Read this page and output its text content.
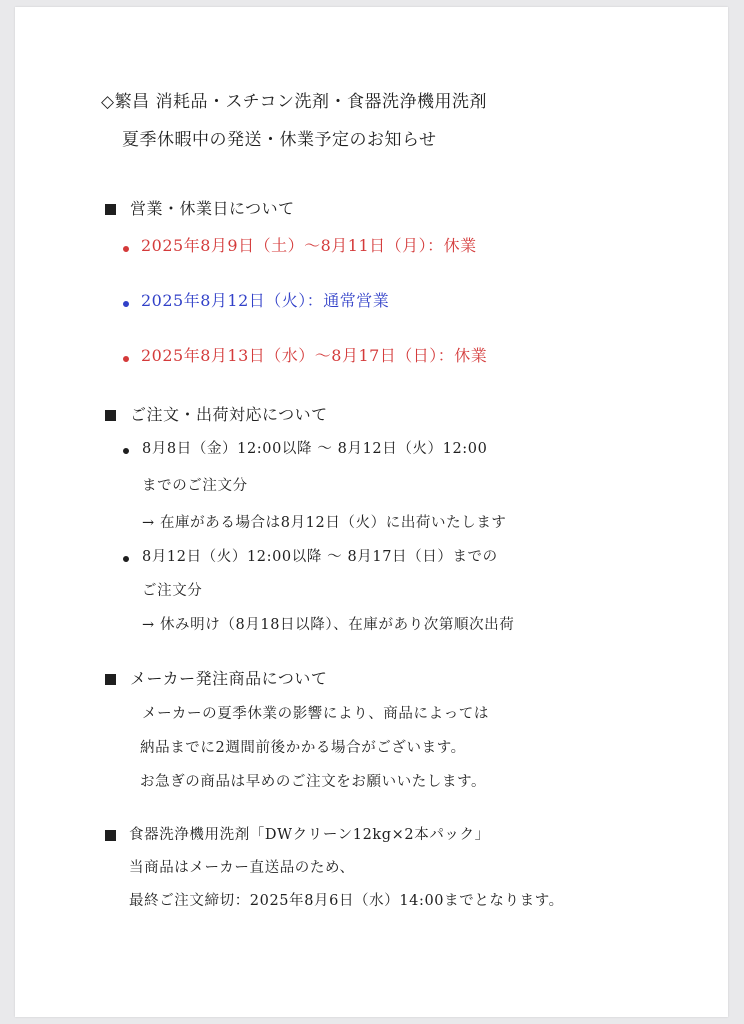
◇繁昌 消耗品・スチコン洗剤・食器洗浄機用洗剤
夏季休暇中の発送・休業予定のお知らせ
営業・休業日について
2025年8月9日（土）〜8月11日（月）：休業
2025年8月12日（火）：通常営業
2025年8月13日（水）〜8月17日（日）：休業
ご注文・出荷対応について
8月8日（金）12:00以降 〜 8月12日（火）12:00
までのご注文分
→ 在庫がある場合は8月12日（火）に出荷いたします
8月12日（火）12:00以降 〜 8月17日（日）までの
ご注文分
→ 休み明け（8月18日以降）、在庫があり次第順次出荷
メーカー発注商品について
メーカーの夏季休業の影響により、商品によっては
納品までに2週間前後かかる場合がございます。
お急ぎの商品は早めのご注文をお願いいたします。
食器洗浄機用洗剤「DWクリーン12kg×2本パック」
当商品はメーカー直送品のため、
最終ご注文締切：2025年8月6日（水）14:00までとなります。
